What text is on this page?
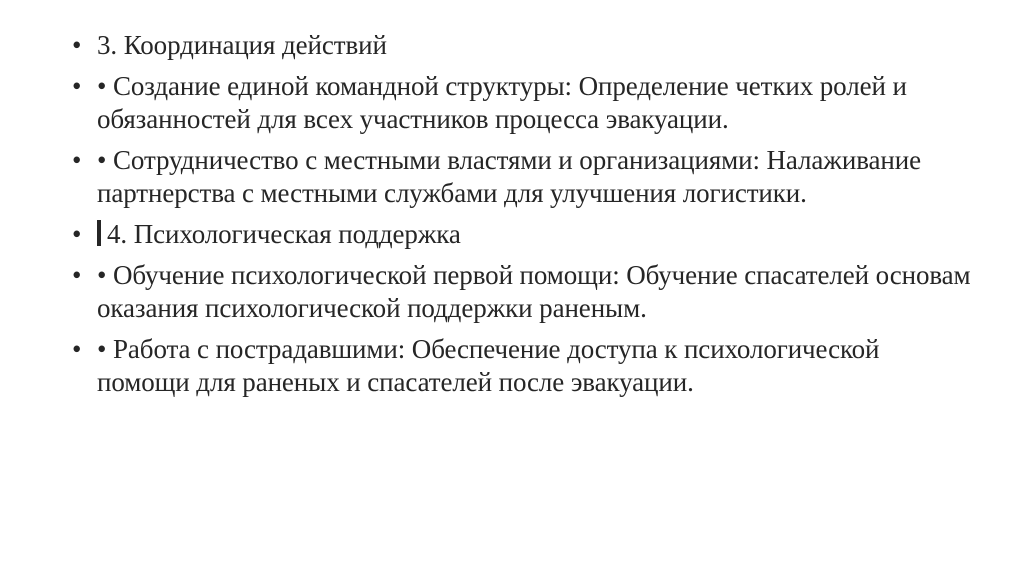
• 3. Координация действий
• • Создание единой командной структуры: Определение четких ролей и обязанностей для всех участников процесса эвакуации.
• • Сотрудничество с местными властями и организациями: Налаживание партнерства с местными службами для улучшения логистики.
• 4. Психологическая поддержка
• • Обучение психологической первой помощи: Обучение спасателей основам оказания психологической поддержки раненым.
• • Работа с пострадавшими: Обеспечение доступа к психологической помощи для раненых и спасателей после эвакуации.
